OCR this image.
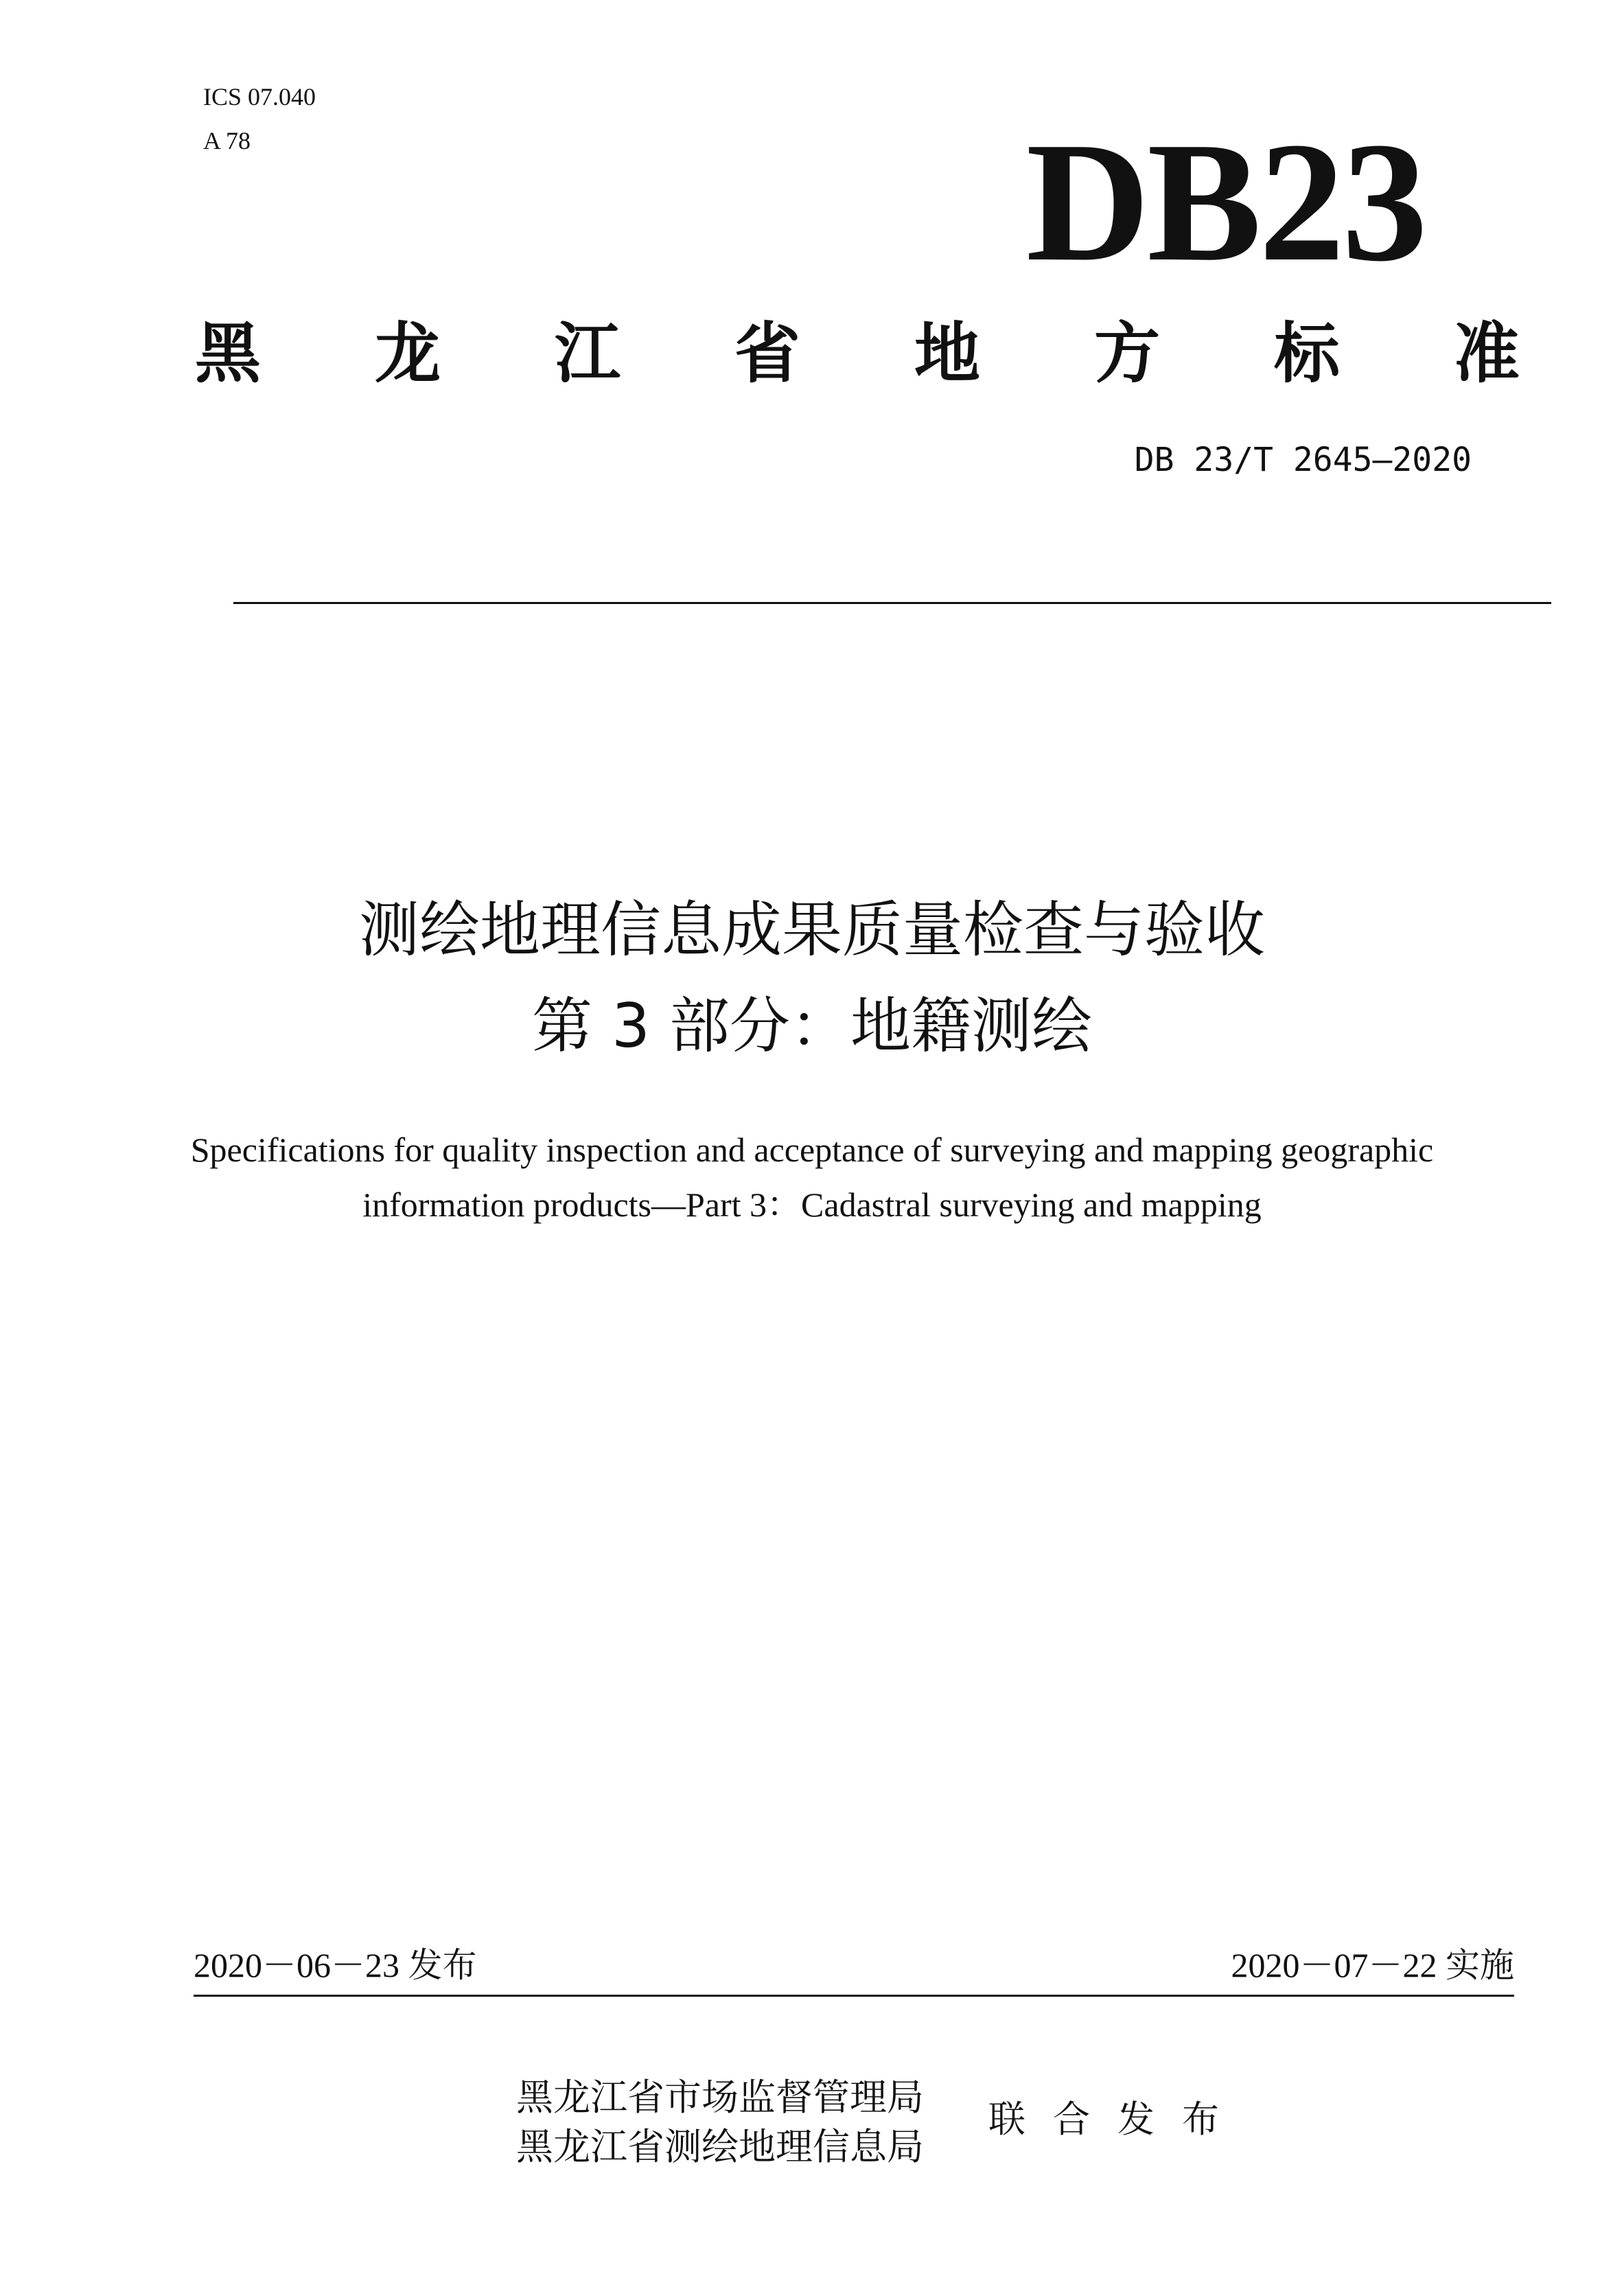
ICS 07.040
A 78	DB23
黑 龙 江 省 地 方 标 准
DB 23/T 2645—2020
测绘地理信息成果质量检查与验收
第 3 部分：地籍测绘
Specifications for quality inspection and acceptance of surveying and mapping geographic
information products—Part 3：Cadastral surveying and mapping
2020－06－23 发布	2020－07－22 实施
黑龙江省市场监督管理局
黑龙江省测绘地理信息局
联合发布
